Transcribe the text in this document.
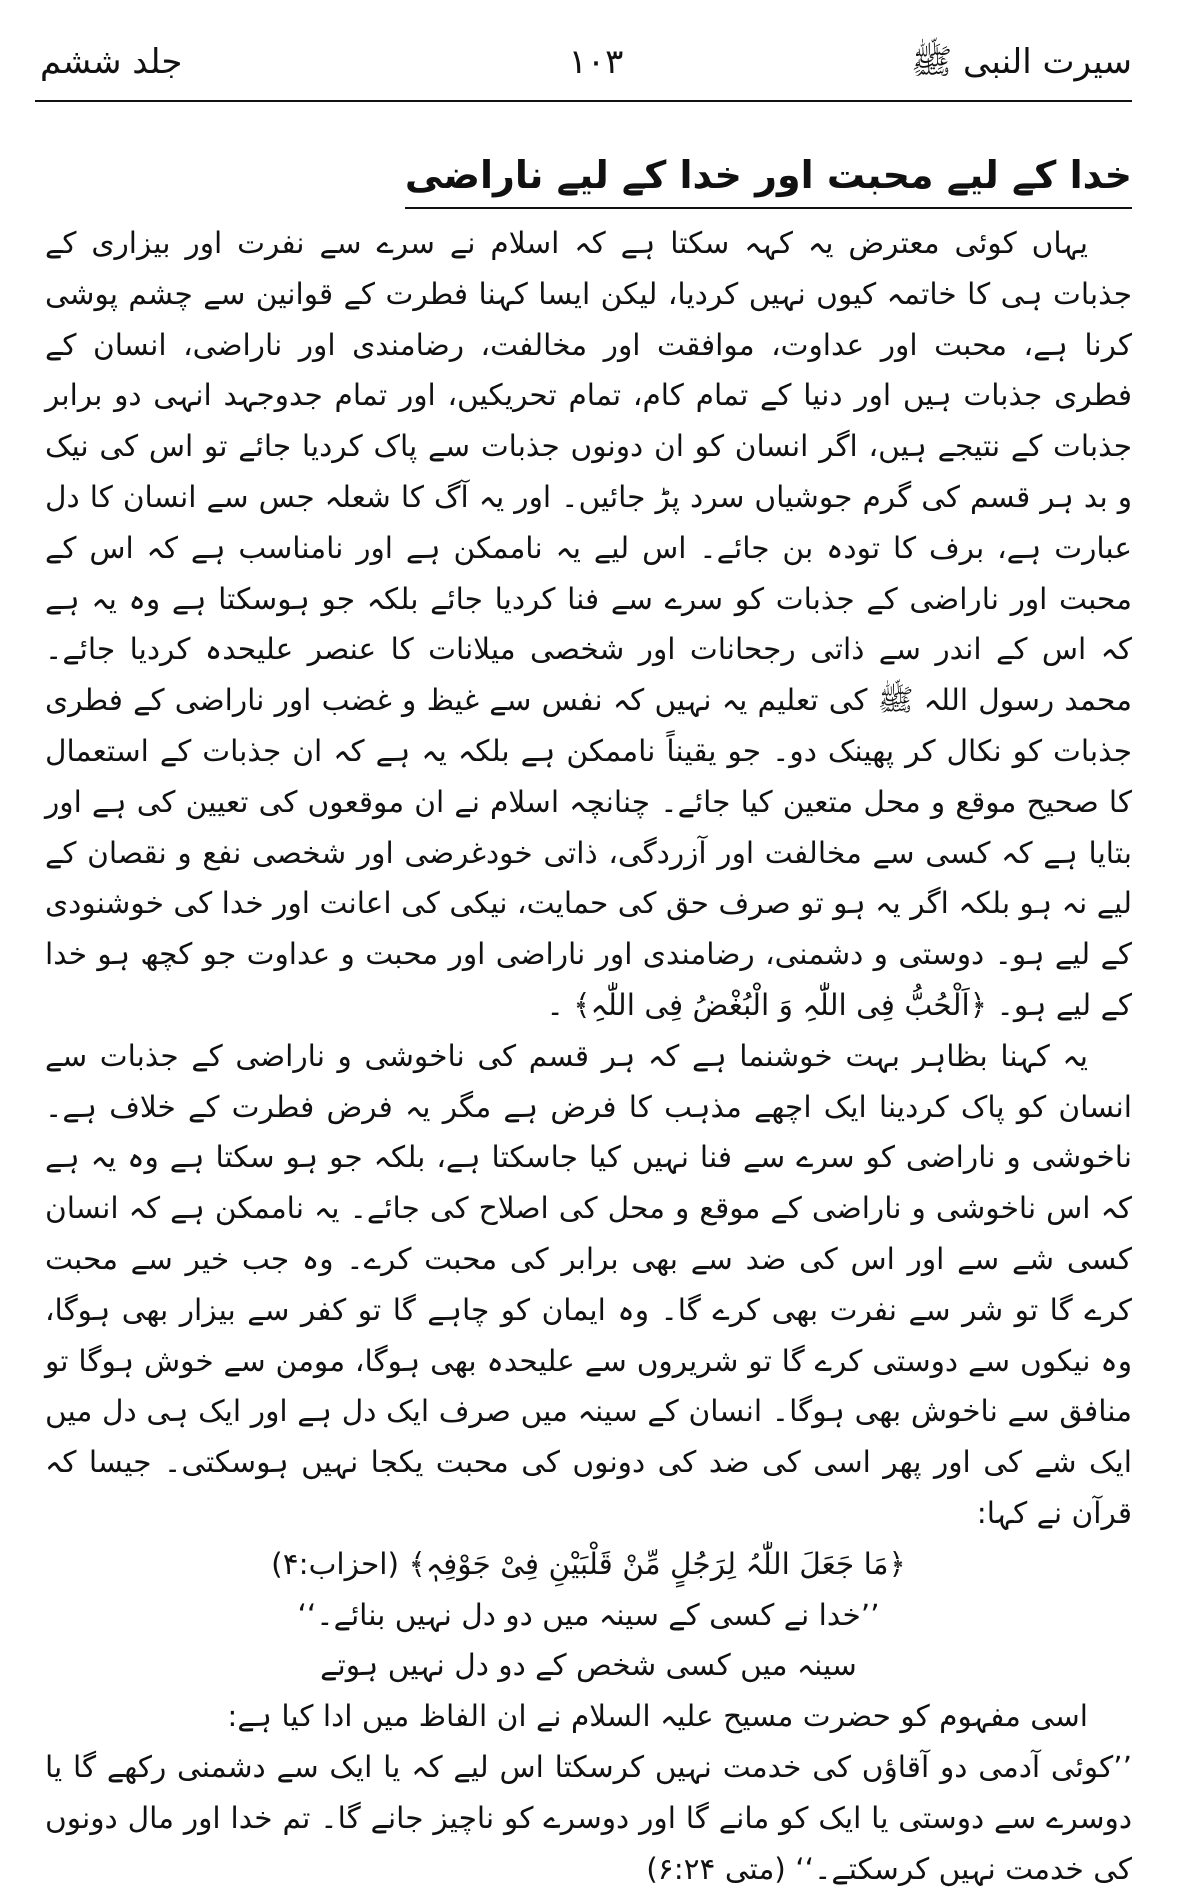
سیرت النبی ﷺ
۱۰۳
جلد ششم
خدا کے لیے محبت اور خدا کے لیے ناراضی

یہاں کوئی معترض یہ کہہ سکتا ہے کہ اسلام نے سرے سے نفرت اور بیزاری کے جذبات ہی کا خاتمہ کیوں نہیں کردیا، لیکن ایسا کہنا فطرت کے قوانین سے چشم پوشی کرنا ہے، محبت اور عداوت، موافقت اور مخالفت، رضامندی اور ناراضی، انسان کے فطری جذبات ہیں اور دنیا کے تمام کام، تمام تحریکیں، اور تمام جدوجہد انہی دو برابر جذبات کے نتیجے ہیں، اگر انسان کو ان دونوں جذبات سے پاک کردیا جائے تو اس کی نیک و بد ہر قسم کی گرم جوشیاں سرد پڑ جائیں۔ اور یہ آگ کا شعلہ جس سے انسان کا دل عبارت ہے، برف کا تودہ بن جائے۔ اس لیے یہ ناممکن ہے اور نامناسب ہے کہ اس کے محبت اور ناراضی کے جذبات کو سرے سے فنا کردیا جائے بلکہ جو ہوسکتا ہے وہ یہ ہے کہ اس کے اندر سے ذاتی رجحانات اور شخصی میلانات کا عنصر علیحدہ کردیا جائے۔ محمد رسول اللہ ﷺ کی تعلیم یہ نہیں کہ نفس سے غیظ و غضب اور ناراضی کے فطری جذبات کو نکال کر پھینک دو۔ جو یقیناً ناممکن ہے بلکہ یہ ہے کہ ان جذبات کے استعمال کا صحیح موقع و محل متعین کیا جائے۔ چنانچہ اسلام نے ان موقعوں کی تعیین کی ہے اور بتایا ہے کہ کسی سے مخالفت اور آزردگی، ذاتی خودغرضی اور شخصی نفع و نقصان کے لیے نہ ہو بلکہ اگر یہ ہو تو صرف حق کی حمایت، نیکی کی اعانت اور خدا کی خوشنودی کے لیے ہو۔ دوستی و دشمنی، رضامندی اور ناراضی اور محبت و عداوت جو کچھ ہو خدا کے لیے ہو۔ ﴿اَلْحُبُّ فِی اللّٰہِ وَ الْبُغْضُ فِی اللّٰہِ﴾ ۔

یہ کہنا بظاہر بہت خوشنما ہے کہ ہر قسم کی ناخوشی و ناراضی کے جذبات سے انسان کو پاک کردینا ایک اچھے مذہب کا فرض ہے مگر یہ فرض فطرت کے خلاف ہے۔ ناخوشی و ناراضی کو سرے سے فنا نہیں کیا جاسکتا ہے، بلکہ جو ہو سکتا ہے وہ یہ ہے کہ اس ناخوشی و ناراضی کے موقع و محل کی اصلاح کی جائے۔ یہ ناممکن ہے کہ انسان کسی شے سے اور اس کی ضد سے بھی برابر کی محبت کرے۔ وہ جب خیر سے محبت کرے گا تو شر سے نفرت بھی کرے گا۔ وہ ایمان کو چاہے گا تو کفر سے بیزار بھی ہوگا، وہ نیکوں سے دوستی کرے گا تو شریروں سے علیحدہ بھی ہوگا، مومن سے خوش ہوگا تو منافق سے ناخوش بھی ہوگا۔ انسان کے سینہ میں صرف ایک دل ہے اور ایک ہی دل میں ایک شے کی اور پھر اسی کی ضد کی دونوں کی محبت یکجا نہیں ہوسکتی۔ جیسا کہ قرآن نے کہا:

﴿مَا جَعَلَ اللّٰہُ لِرَجُلٍ مِّنْ قَلْبَیْنِ فِیْ جَوْفِہٖ﴾ (احزاب:۴)

’’خدا نے کسی کے سینہ میں دو دل نہیں بنائے۔‘‘

سینہ میں کسی شخص کے دو دل نہیں ہوتے

اسی مفہوم کو حضرت مسیح علیہ السلام نے ان الفاظ میں ادا کیا ہے:

’’کوئی آدمی دو آقاؤں کی خدمت نہیں کرسکتا اس لیے کہ یا ایک سے دشمنی رکھے گا یا دوسرے سے دوستی یا ایک کو مانے گا اور دوسرے کو ناچیز جانے گا۔ تم خدا اور مال دونوں کی خدمت نہیں کرسکتے۔‘‘ (متی ۶:۲۴)
